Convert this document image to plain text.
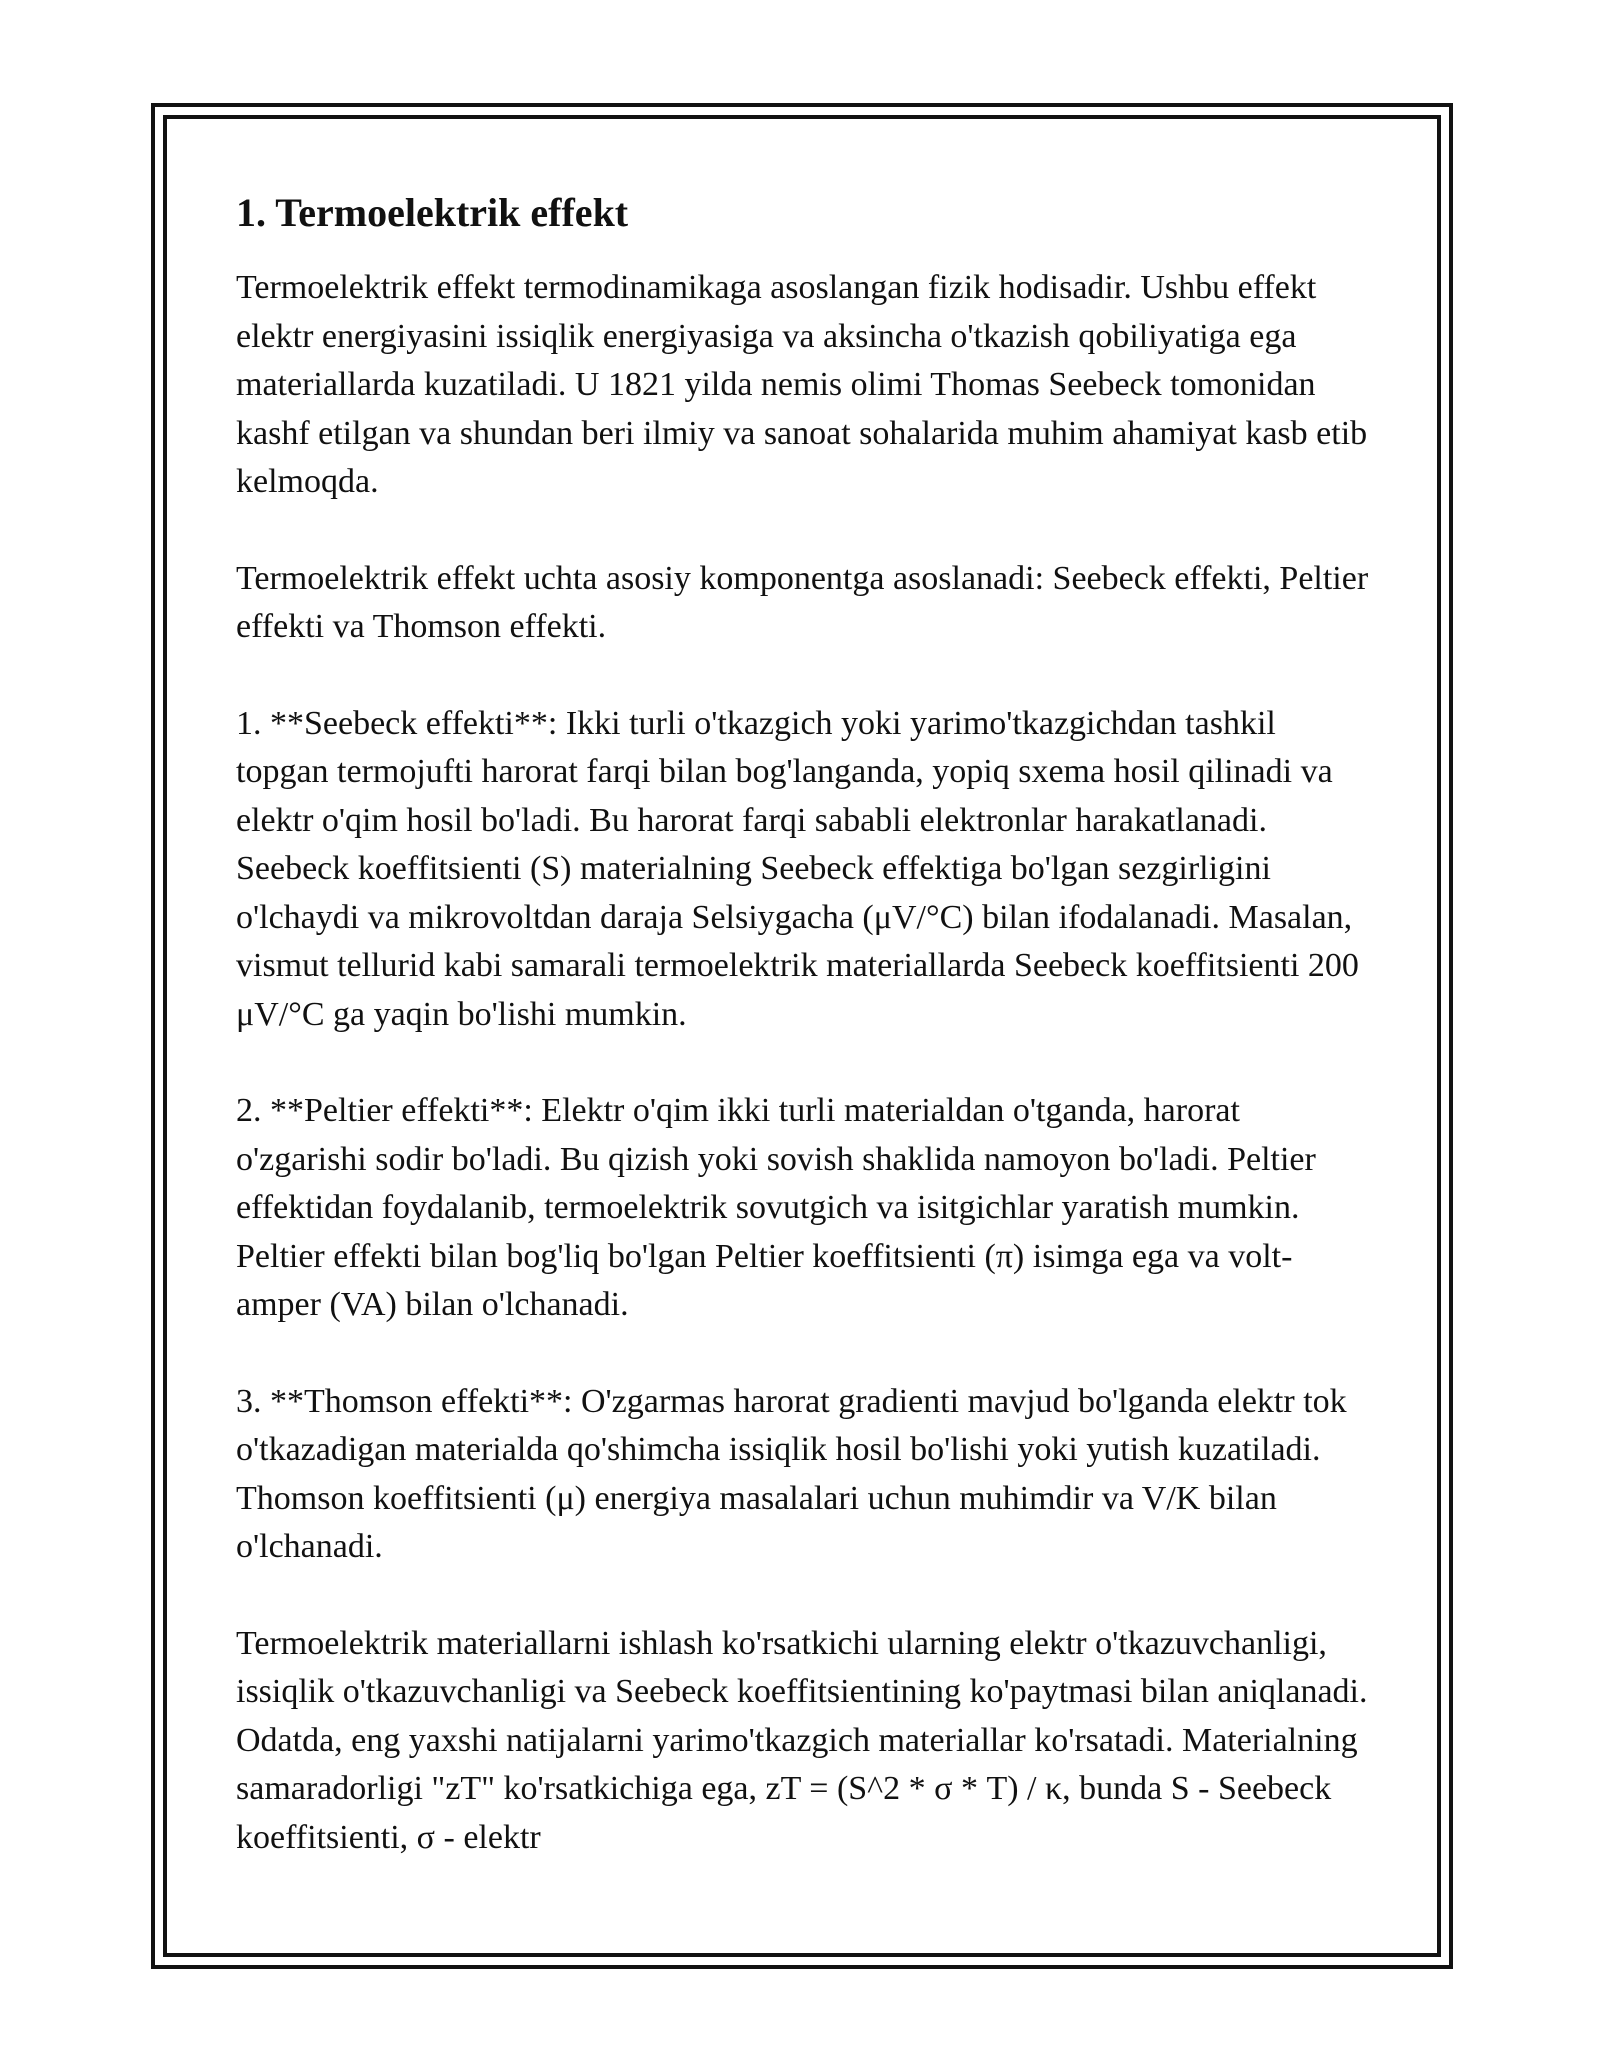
1. Termoelektrik effekt

Termoelektrik effekt termodinamikaga asoslangan fizik hodisadir. Ushbu effekt elektr energiyasini issiqlik energiyasiga va aksincha o'tkazish qobiliyatiga ega materiallarda kuzatiladi. U 1821 yilda nemis olimi Thomas Seebeck tomonidan kashf etilgan va shundan beri ilmiy va sanoat sohalarida muhim ahamiyat kasb etib kelmoqda.

Termoelektrik effekt uchta asosiy komponentga asoslanadi: Seebeck effekti, Peltier effekti va Thomson effekti.

1. **Seebeck effekti**: Ikki turli o'tkazgich yoki yarimo'tkazgichdan tashkil topgan termojufti harorat farqi bilan bog'langanda, yopiq sxema hosil qilinadi va elektr o'qim hosil bo'ladi. Bu harorat farqi sababli elektronlar harakatlanadi. Seebeck koeffitsienti (S) materialning Seebeck effektiga bo'lgan sezgirligini o'lchaydi va mikrovoltdan daraja Selsiygacha (μV/°C) bilan ifodalanadi. Masalan, vismut tellurid kabi samarali termoelektrik materiallarda Seebeck koeffitsienti 200 μV/°C ga yaqin bo'lishi mumkin.

2. **Peltier effekti**: Elektr o'qim ikki turli materialdan o'tganda, harorat o'zgarishi sodir bo'ladi. Bu qizish yoki sovish shaklida namoyon bo'ladi. Peltier effektidan foydalanib, termoelektrik sovutgich va isitgichlar yaratish mumkin. Peltier effekti bilan bog'liq bo'lgan Peltier koeffitsienti (π) isimga ega va volt-amper (VA) bilan o'lchanadi.

3. **Thomson effekti**: O'zgarmas harorat gradienti mavjud bo'lganda elektr tok o'tkazadigan materialda qo'shimcha issiqlik hosil bo'lishi yoki yutish kuzatiladi. Thomson koeffitsienti (μ) energiya masalalari uchun muhimdir va V/K bilan o'lchanadi.

Termoelektrik materiallarni ishlash ko'rsatkichi ularning elektr o'tkazuvchanligi, issiqlik o'tkazuvchanligi va Seebeck koeffitsientining ko'paytmasi bilan aniqlanadi. Odatda, eng yaxshi natijalarni yarimo'tkazgich materiallar ko'rsatadi. Materialning samaradorligi "zT" ko'rsatkichiga ega, zT = (S^2 * σ * T) / κ, bunda S - Seebeck koeffitsienti, σ - elektr
